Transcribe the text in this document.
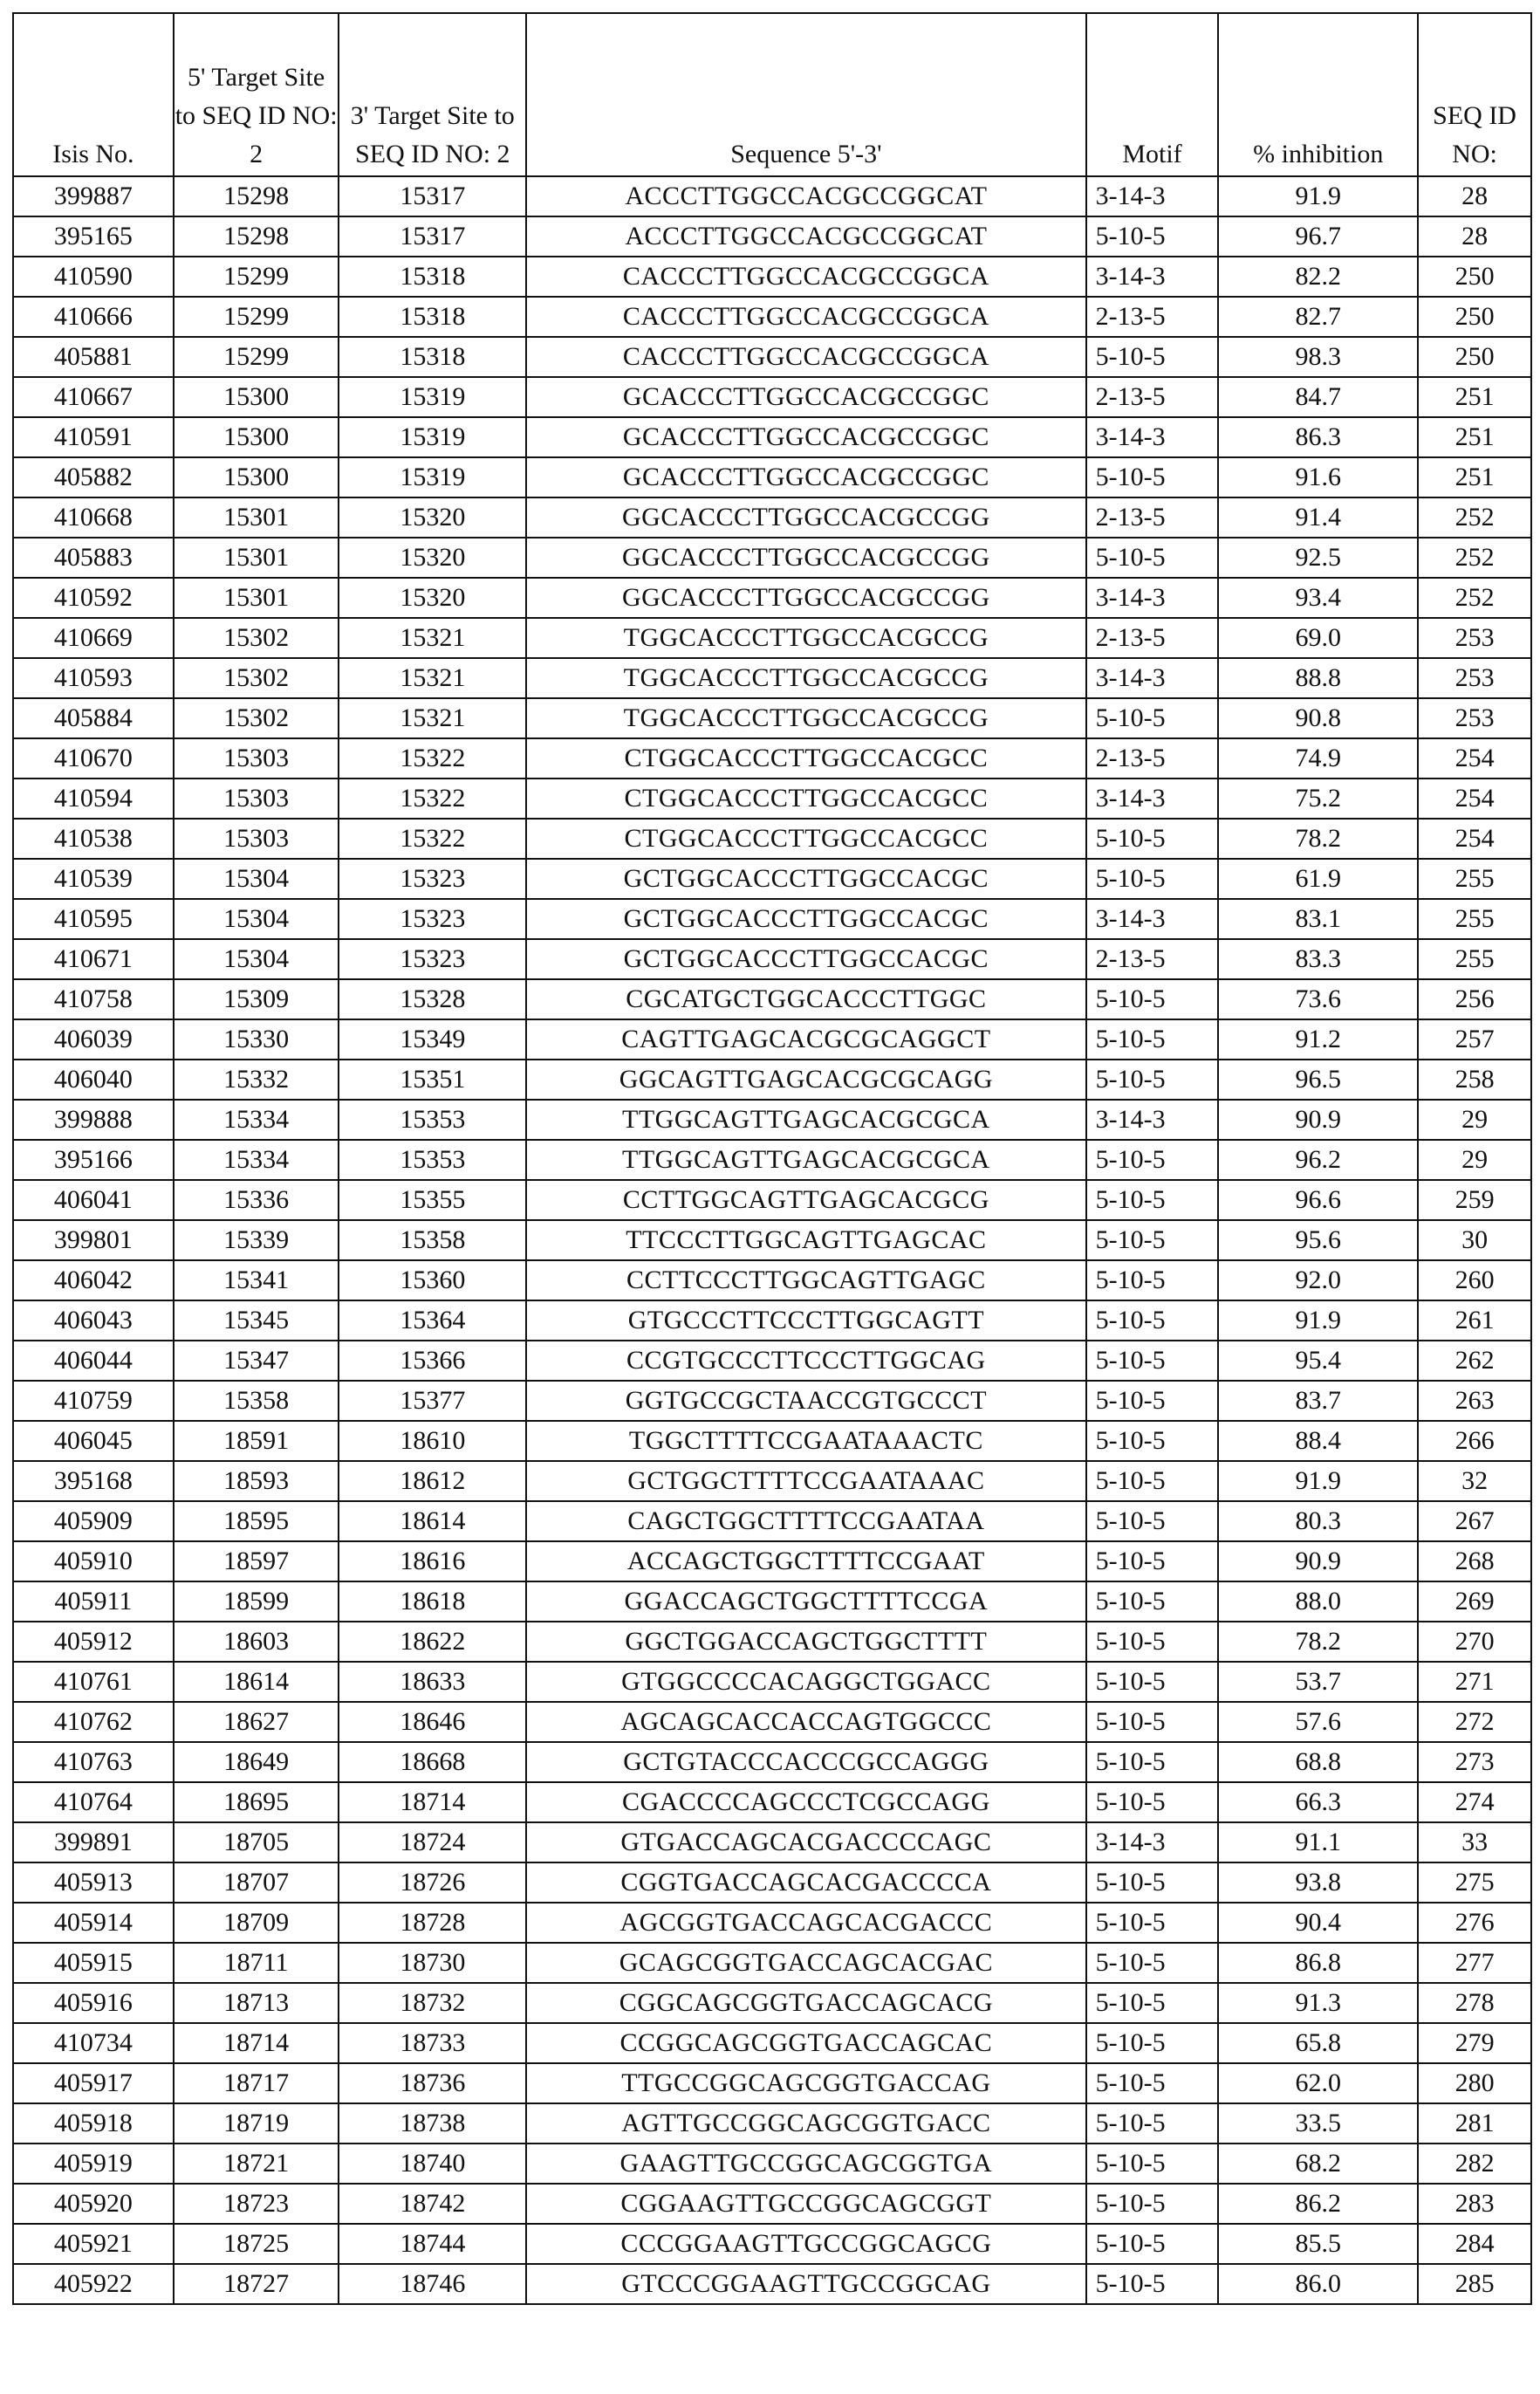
Isis No.	5' Target Site to SEQ ID NO: 2	3' Target Site to SEQ ID NO: 2	Sequence 5'-3'	Motif	% inhibition	SEQ ID NO:
399887	15298	15317	ACCCTTGGCCACGCCGGCAT	3-14-3	91.9	28
395165	15298	15317	ACCCTTGGCCACGCCGGCAT	5-10-5	96.7	28
410590	15299	15318	CACCCTTGGCCACGCCGGCA	3-14-3	82.2	250
410666	15299	15318	CACCCTTGGCCACGCCGGCA	2-13-5	82.7	250
405881	15299	15318	CACCCTTGGCCACGCCGGCA	5-10-5	98.3	250
410667	15300	15319	GCACCCTTGGCCACGCCGGC	2-13-5	84.7	251
410591	15300	15319	GCACCCTTGGCCACGCCGGC	3-14-3	86.3	251
405882	15300	15319	GCACCCTTGGCCACGCCGGC	5-10-5	91.6	251
410668	15301	15320	GGCACCCTTGGCCACGCCGG	2-13-5	91.4	252
405883	15301	15320	GGCACCCTTGGCCACGCCGG	5-10-5	92.5	252
410592	15301	15320	GGCACCCTTGGCCACGCCGG	3-14-3	93.4	252
410669	15302	15321	TGGCACCCTTGGCCACGCCG	2-13-5	69.0	253
410593	15302	15321	TGGCACCCTTGGCCACGCCG	3-14-3	88.8	253
405884	15302	15321	TGGCACCCTTGGCCACGCCG	5-10-5	90.8	253
410670	15303	15322	CTGGCACCCTTGGCCACGCC	2-13-5	74.9	254
410594	15303	15322	CTGGCACCCTTGGCCACGCC	3-14-3	75.2	254
410538	15303	15322	CTGGCACCCTTGGCCACGCC	5-10-5	78.2	254
410539	15304	15323	GCTGGCACCCTTGGCCACGC	5-10-5	61.9	255
410595	15304	15323	GCTGGCACCCTTGGCCACGC	3-14-3	83.1	255
410671	15304	15323	GCTGGCACCCTTGGCCACGC	2-13-5	83.3	255
410758	15309	15328	CGCATGCTGGCACCCTTGGC	5-10-5	73.6	256
406039	15330	15349	CAGTTGAGCACGCGCAGGCT	5-10-5	91.2	257
406040	15332	15351	GGCAGTTGAGCACGCGCAGG	5-10-5	96.5	258
399888	15334	15353	TTGGCAGTTGAGCACGCGCA	3-14-3	90.9	29
395166	15334	15353	TTGGCAGTTGAGCACGCGCA	5-10-5	96.2	29
406041	15336	15355	CCTTGGCAGTTGAGCACGCG	5-10-5	96.6	259
399801	15339	15358	TTCCCTTGGCAGTTGAGCAC	5-10-5	95.6	30
406042	15341	15360	CCTTCCCTTGGCAGTTGAGC	5-10-5	92.0	260
406043	15345	15364	GTGCCCTTCCCTTGGCAGTT	5-10-5	91.9	261
406044	15347	15366	CCGTGCCCTTCCCTTGGCAG	5-10-5	95.4	262
410759	15358	15377	GGTGCCGCTAACCGTGCCCT	5-10-5	83.7	263
406045	18591	18610	TGGCTTTTCCGAATAAACTC	5-10-5	88.4	266
395168	18593	18612	GCTGGCTTTTCCGAATAAAC	5-10-5	91.9	32
405909	18595	18614	CAGCTGGCTTTTCCGAATAA	5-10-5	80.3	267
405910	18597	18616	ACCAGCTGGCTTTTCCGAAT	5-10-5	90.9	268
405911	18599	18618	GGACCAGCTGGCTTTTCCGA	5-10-5	88.0	269
405912	18603	18622	GGCTGGACCAGCTGGCTTTT	5-10-5	78.2	270
410761	18614	18633	GTGGCCCCACAGGCTGGACC	5-10-5	53.7	271
410762	18627	18646	AGCAGCACCACCAGTGGCCC	5-10-5	57.6	272
410763	18649	18668	GCTGTACCCACCCGCCAGGG	5-10-5	68.8	273
410764	18695	18714	CGACCCCAGCCCTCGCCAGG	5-10-5	66.3	274
399891	18705	18724	GTGACCAGCACGACCCCAGC	3-14-3	91.1	33
405913	18707	18726	CGGTGACCAGCACGACCCCA	5-10-5	93.8	275
405914	18709	18728	AGCGGTGACCAGCACGACCC	5-10-5	90.4	276
405915	18711	18730	GCAGCGGTGACCAGCACGAC	5-10-5	86.8	277
405916	18713	18732	CGGCAGCGGTGACCAGCACG	5-10-5	91.3	278
410734	18714	18733	CCGGCAGCGGTGACCAGCAC	5-10-5	65.8	279
405917	18717	18736	TTGCCGGCAGCGGTGACCAG	5-10-5	62.0	280
405918	18719	18738	AGTTGCCGGCAGCGGTGACC	5-10-5	33.5	281
405919	18721	18740	GAAGTTGCCGGCAGCGGTGA	5-10-5	68.2	282
405920	18723	18742	CGGAAGTTGCCGGCAGCGGT	5-10-5	86.2	283
405921	18725	18744	CCCGGAAGTTGCCGGCAGCG	5-10-5	85.5	284
405922	18727	18746	GTCCCGGAAGTTGCCGGCAG	5-10-5	86.0	285
